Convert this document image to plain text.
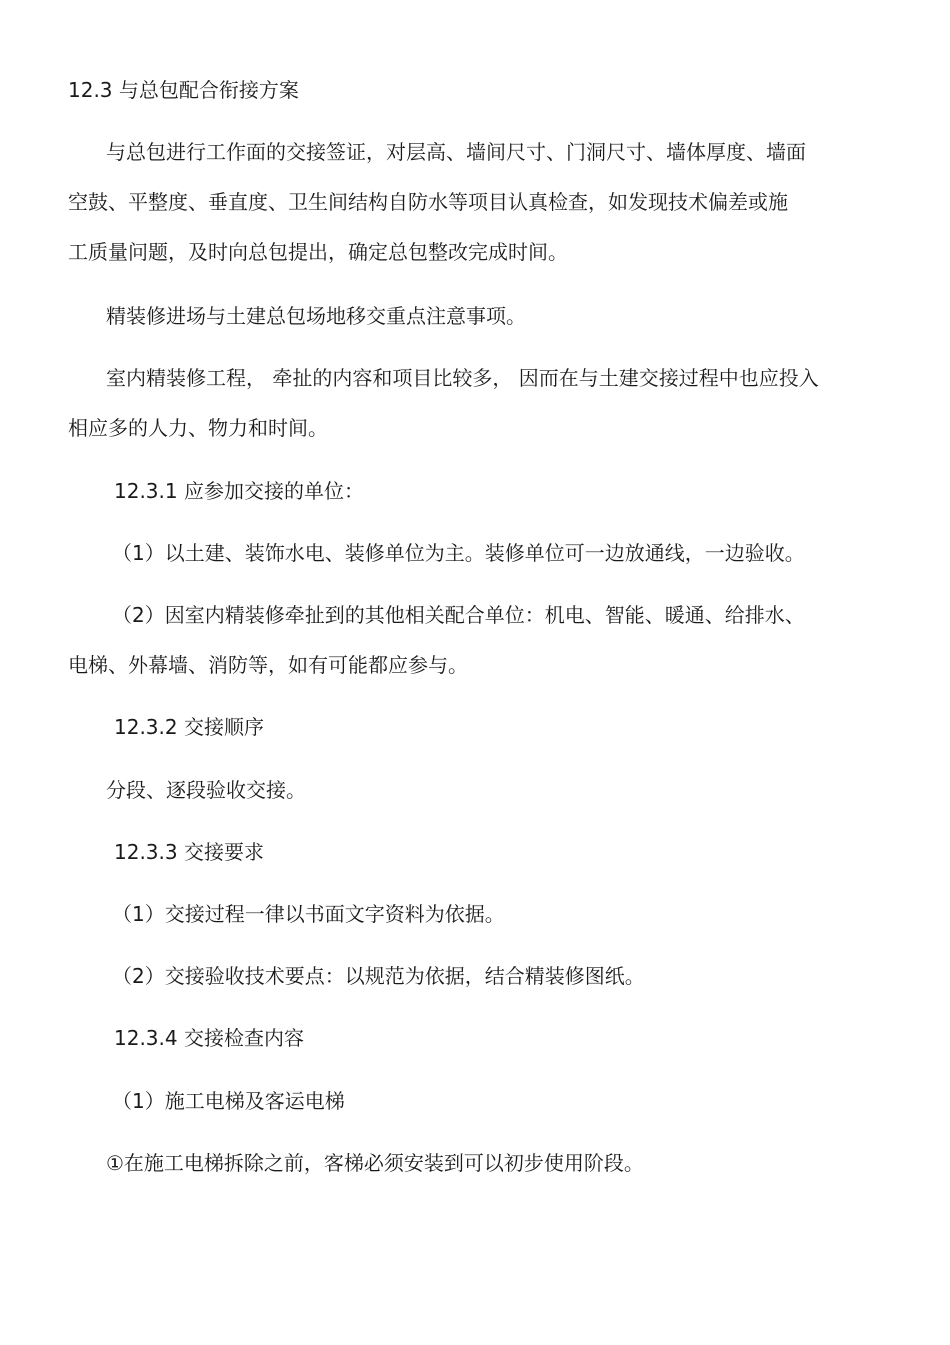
12.3 与总包配合衔接方案
与总包进行工作面的交接签证，对层高、墙间尺寸、门洞尺寸、墙体厚度、墙面
空鼓、平整度、垂直度、卫生间结构自防水等项目认真检查，如发现技术偏差或施
工质量问题，及时向总包提出，确定总包整改完成时间。
精装修进场与土建总包场地移交重点注意事项。
室内精装修工程， 牵扯的内容和项目比较多， 因而在与土建交接过程中也应投入
相应多的人力、物力和时间。
12.3.1 应参加交接的单位：
（1）以土建、装饰水电、装修单位为主。装修单位可一边放通线，一边验收。
（2）因室内精装修牵扯到的其他相关配合单位：机电、智能、暖通、给排水、
电梯、外幕墙、消防等，如有可能都应参与。
12.3.2 交接顺序
分段、逐段验收交接。
12.3.3 交接要求
（1）交接过程一律以书面文字资料为依据。
（2）交接验收技术要点：以规范为依据，结合精装修图纸。
12.3.4 交接检查内容
（1）施工电梯及客运电梯
①在施工电梯拆除之前，客梯必须安装到可以初步使用阶段。
